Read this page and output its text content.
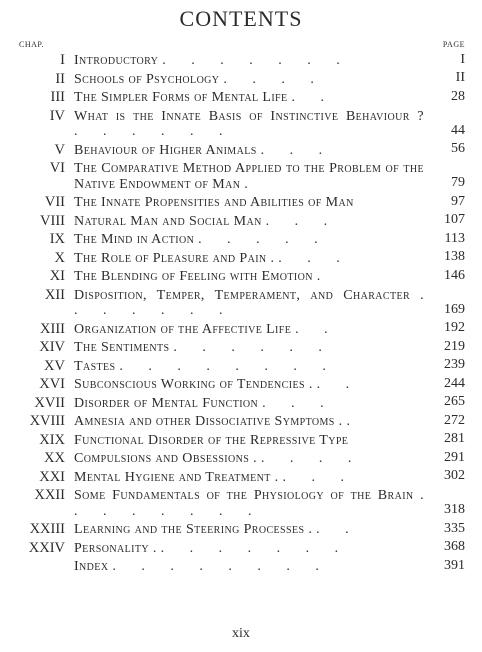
CONTENTS
CHAP.	PAGE
I Introductory . . . . . . .	I
II Schools of Psychology . . . .	II
III The Simpler Forms of Mental Life . .	28
IV What is the Innate Basis of Instinctive Behaviour ? . . . . . .	44
V Behaviour of Higher Animals . . .	56
VI The Comparative Method Applied to the Problem of the Native Endowment of Man .	79
VII The Innate Propensities and Abilities of Man	97
VIII Natural Man and Social Man . . .	107
IX The Mind in Action . . . . .	113
X The Role of Pleasure and Pain . . . .	138
XI The Blending of Feeling with Emotion .	146
XII Disposition, Temper, Temperament, and Character . . . . . . .	169
XIII Organization of the Affective Life . .	192
XIV The Sentiments . . . . . .	219
XV Tastes . . . . . . . .	239
XVI Subconscious Working of Tendencies . . .	244
XVII Disorder of Mental Function . . .	265
XVIII Amnesia and other Dissociative Symptoms . .	272
XIX Functional Disorder of the Repressive Type	281
XX Compulsions and Obsessions . . . . .	291
XXI Mental Hygiene and Treatment . . . .	302
XXII Some Fundamentals of the Physiology of the Brain . . . . . . . .	318
XXIII Learning and the Steering Processes . . .	335
XXIV Personality . . . . . . . .	368
Index . . . . . . . .	391
xix
